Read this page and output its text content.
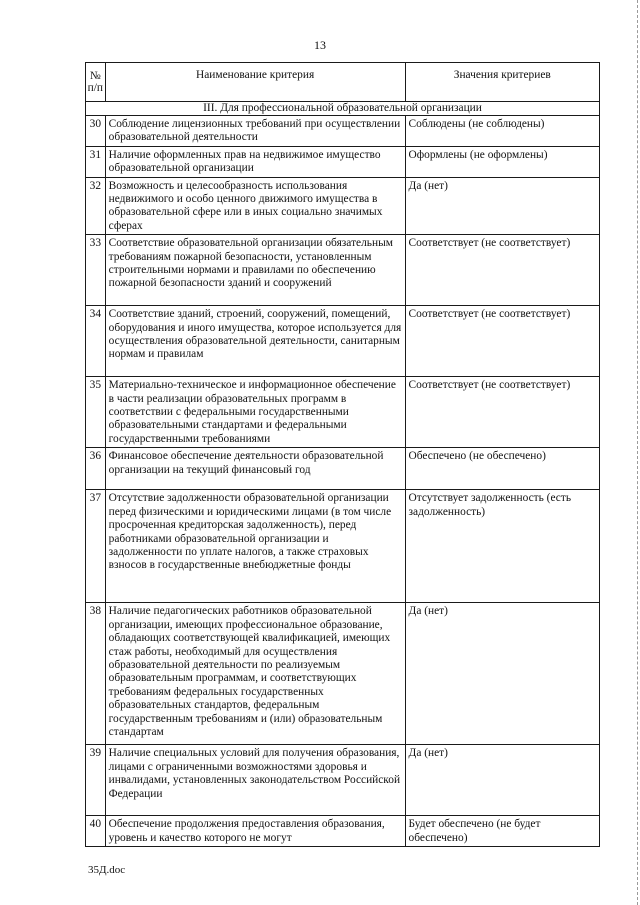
13
№
п/п	Наименование критерия	Значения критериев
III. Для профессиональной образовательной организации		
30	Соблюдение лицензионных требований при осуществлении образовательной деятельности	Соблюдены (не соблюдены)
31	Наличие оформленных прав на недвижимое имущество образовательной организации	Оформлены (не оформлены)
32	Возможность и целесообразность использования недвижимого и особо ценного движимого имущества в образовательной сфере или в иных социально значимых сферах	Да (нет)
33	Соответствие образовательной организации обязательным требованиям пожарной безопасности, установленным строительными нормами и правилами по обеспечению пожарной безопасности зданий и сооружений	Соответствует (не соответствует)
34	Соответствие зданий, строений, сооружений, помещений, оборудования и иного имущества, которое используется для осуществления образовательной деятельности, санитарным нормам и правилам	Соответствует (не соответствует)
35	Материально-техническое и информационное обеспечение в части реализации образовательных программ в соответствии с федеральными государственными образовательными стандартами и федеральными государственными требованиями	Соответствует (не соответствует)
36	Финансовое обеспечение деятельности образовательной организации на текущий финансовый год	Обеспечено (не обеспечено)
37	Отсутствие задолженности образовательной организации перед физическими и юридическими лицами (в том числе просроченная кредиторская задолженность), перед работниками образовательной организации и задолженности по уплате налогов, а также страховых взносов в государственные внебюджетные фонды	Отсутствует задолженность (есть задолженность)
38	Наличие педагогических работников образовательной организации, имеющих профессиональное образование, обладающих соответствующей квалификацией, имеющих стаж работы, необходимый для осуществления образовательной деятельности по реализуемым образовательным программам, и соответствующих требованиям федеральных государственных образовательных стандартов, федеральным государственным требованиям и (или) образовательным стандартам	Да (нет)
39	Наличие специальных условий для получения образования, лицами с ограниченными возможностями здоровья и инвалидами, установленных законодательством Российской Федерации	Да (нет)
40	Обеспечение продолжения предоставления образования, уровень и качество которого не могут	Будет обеспечено (не будет обеспечено)
35Д.doc
